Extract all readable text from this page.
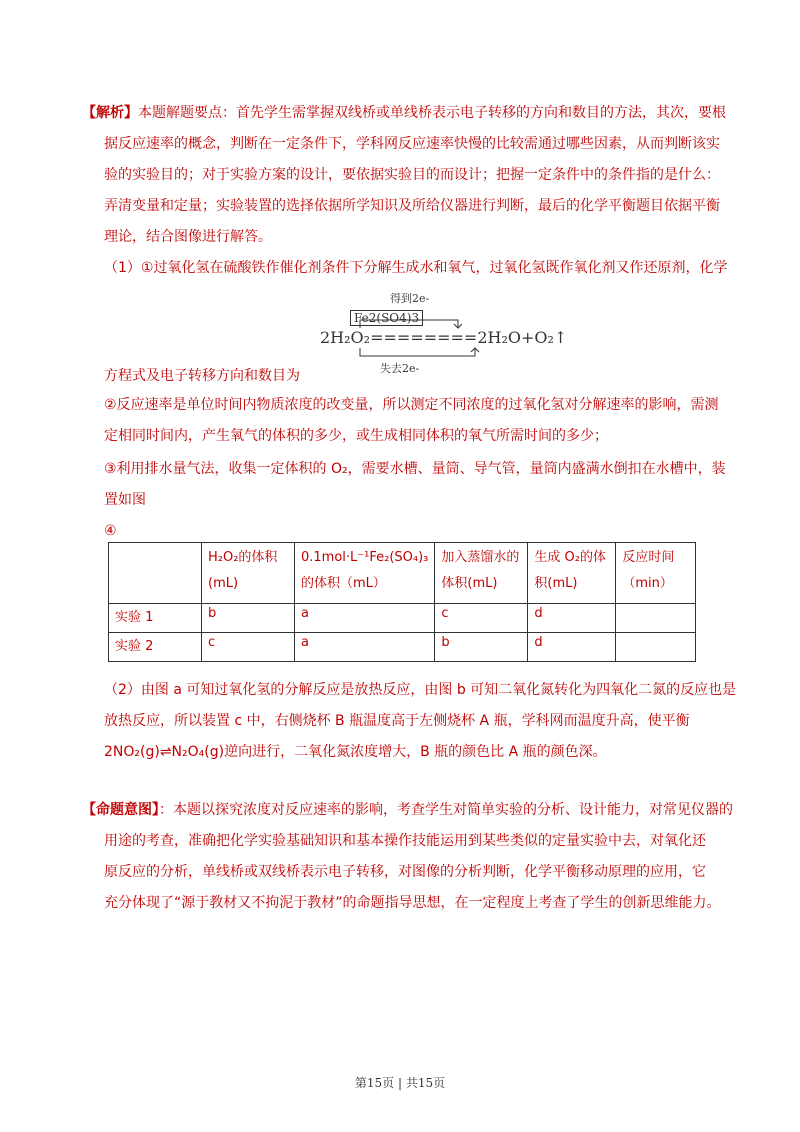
【解析】本题解题要点：首先学生需掌握双线桥或单线桥表示电子转移的方向和数目的方法，其次，要根
据反应速率的概念，判断在一定条件下，学科网反应速率快慢的比较需通过哪些因素，从而判断该实
验的实验目的；对于实验方案的设计，要依据实验目的而设计；把握一定条件中的条件指的是什么：
弄清变量和定量；实验装置的选择依据所学知识及所给仪器进行判断，最后的化学平衡题目依据平衡
理论，结合图像进行解答。
（1）①过氧化氢在硫酸铁作催化剂条件下分解生成水和氧气，过氧化氢既作氧化剂又作还原剂，化学
得到2e-
Fe2(SO4)3
2H₂O₂========2H₂O+O₂↑
失去2e-
方程式及电子转移方向和数目为
②反应速率是单位时间内物质浓度的改变量，所以测定不同浓度的过氧化氢对分解速率的影响，需测
定相同时间内，产生氧气的体积的多少，或生成相同体积的氧气所需时间的多少；
③利用排水量气法，收集一定体积的 O₂，需要水槽、量筒、导气管，量筒内盛满水倒扣在水槽中，装
置如图
④
	H₂O₂的体积(mL)	0.1mol·L⁻¹Fe₂(SO₄)₃的体积（mL）	加入蒸馏水的体积(mL)	生成 O₂的体积(mL)	反应时间（min）
实验 1	b	a	c	d	
实验 2	c	a	b	d	
（2）由图 a 可知过氧化氢的分解反应是放热反应，由图 b 可知二氧化氮转化为四氧化二氮的反应也是
放热反应，所以装置 c 中，右侧烧杯 B 瓶温度高于左侧烧杯 A 瓶，学科网而温度升高，使平衡
2NO₂(g)⇌N₂O₄(g)逆向进行，二氧化氮浓度增大，B 瓶的颜色比 A 瓶的颜色深。
【命题意图】：本题以探究浓度对反应速率的影响，考查学生对简单实验的分析、设计能力，对常见仪器的
用途的考查，准确把化学实验基础知识和基本操作技能运用到某些类似的定量实验中去，对氧化还
原反应的分析，单线桥或双线桥表示电子转移，对图像的分析判断，化学平衡移动原理的应用，它
充分体现了“源于教材又不拘泥于教材”的命题指导思想，在一定程度上考查了学生的创新思维能力。
第15页 | 共15页
